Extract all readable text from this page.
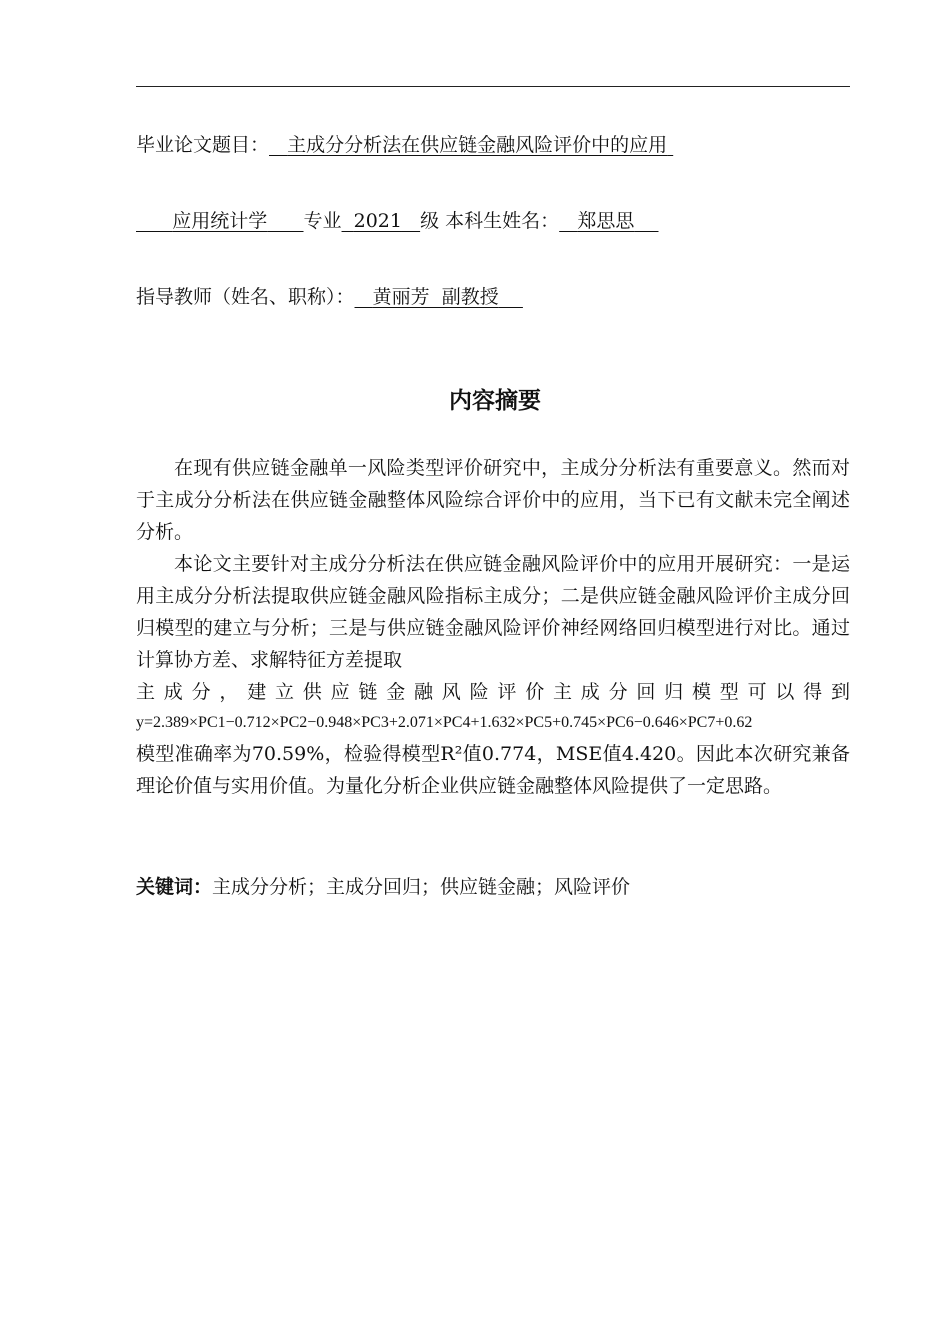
毕业论文题目： 主成分分析法在供应链金融风险评价中的应用
应用统计学 专业 2021 级 本科生姓名： 郑思思
指导教师（姓名、职称）： 黄丽芳  副教授
内容摘要

在现有供应链金融单一风险类型评价研究中，主成分分析法有重要意义。然而对于主成分分析法在供应链金融整体风险综合评价中的应用，当下已有文献未完全阐述分析。

本论文主要针对主成分分析法在供应链金融风险评价中的应用开展研究：一是运用主成分分析法提取供应链金融风险指标主成分；二是供应链金融风险评价主成分回归模型的建立与分析；三是与供应链金融风险评价神经网络回归模型进行对比。通过计算协方差、求解特征方差提取

主成分，建立供应链金融风险评价主成分回归模型可以得到

y=2.389×PC1−0.712×PC2−0.948×PC3+2.071×PC4+1.632×PC5+0.745×PC6−0.646×PC7+0.62

模型准确率为70.59%，检验得模型R²值0.774，MSE值4.420。因此本次研究兼备理论价值与实用价值。为量化分析企业供应链金融整体风险提供了一定思路。

关键词：主成分分析；主成分回归；供应链金融；风险评价
